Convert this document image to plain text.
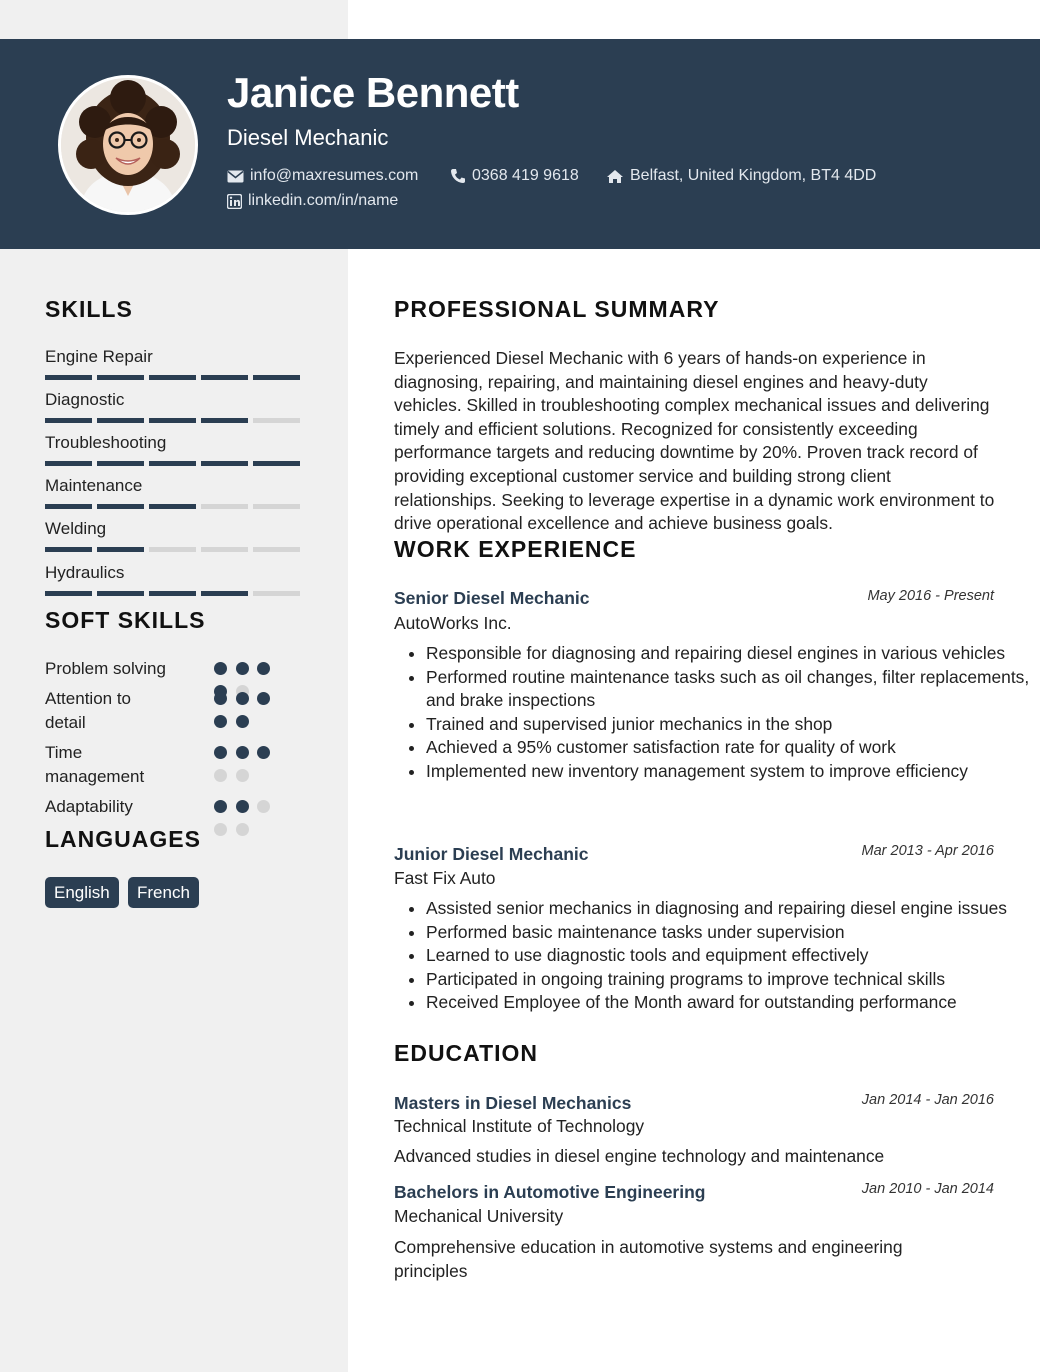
Janice Bennett
Diesel Mechanic
info@maxresumes.com	0368 419 9618	Belfast, United Kingdom, BT4 4DD
linkedin.com/in/name
SKILLS
Engine Repair
Diagnostic
Troubleshooting
Maintenance
Welding
Hydraulics
SOFT SKILLS
Problem solving
Attention to detail
Time management
Adaptability
LANGUAGES
English	French
PROFESSIONAL SUMMARY
Experienced Diesel Mechanic with 6 years of hands-on experience in diagnosing, repairing, and maintaining diesel engines and heavy-duty vehicles. Skilled in troubleshooting complex mechanical issues and delivering timely and efficient solutions. Recognized for consistently exceeding performance targets and reducing downtime by 20%. Proven track record of providing exceptional customer service and building strong client relationships. Seeking to leverage expertise in a dynamic work environment to drive operational excellence and achieve business goals.
WORK EXPERIENCE
Senior Diesel Mechanic	May 2016 - Present
AutoWorks Inc.
• Responsible for diagnosing and repairing diesel engines in various vehicles
• Performed routine maintenance tasks such as oil changes, filter replacements, and brake inspections
• Trained and supervised junior mechanics in the shop
• Achieved a 95% customer satisfaction rate for quality of work
• Implemented new inventory management system to improve efficiency
Junior Diesel Mechanic	Mar 2013 - Apr 2016
Fast Fix Auto
• Assisted senior mechanics in diagnosing and repairing diesel engine issues
• Performed basic maintenance tasks under supervision
• Learned to use diagnostic tools and equipment effectively
• Participated in ongoing training programs to improve technical skills
• Received Employee of the Month award for outstanding performance
EDUCATION
Masters in Diesel Mechanics	Jan 2014 - Jan 2016
Technical Institute of Technology
Advanced studies in diesel engine technology and maintenance
Bachelors in Automotive Engineering	Jan 2010 - Jan 2014
Mechanical University
Comprehensive education in automotive systems and engineering principles
